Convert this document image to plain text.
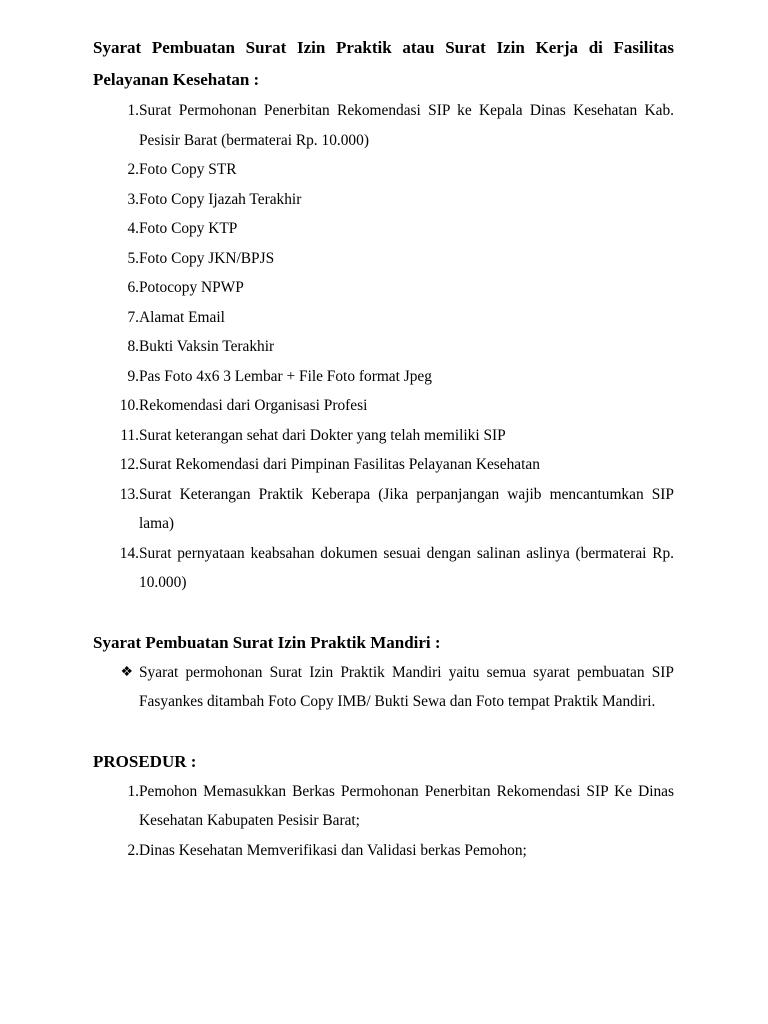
Syarat Pembuatan Surat Izin Praktik atau Surat Izin Kerja di Fasilitas Pelayanan Kesehatan :

1. Surat Permohonan Penerbitan Rekomendasi SIP ke Kepala Dinas Kesehatan Kab. Pesisir Barat (bermaterai Rp. 10.000)
2. Foto Copy STR
3. Foto Copy Ijazah Terakhir
4. Foto Copy KTP
5. Foto Copy JKN/BPJS
6. Potocopy NPWP
7. Alamat Email
8. Bukti Vaksin Terakhir
9. Pas Foto 4x6 3 Lembar + File Foto format Jpeg
10. Rekomendasi dari Organisasi Profesi
11. Surat keterangan sehat dari Dokter yang telah memiliki SIP
12. Surat Rekomendasi dari Pimpinan Fasilitas Pelayanan Kesehatan
13. Surat Keterangan Praktik Keberapa (Jika perpanjangan wajib mencantumkan SIP lama)
14. Surat pernyataan keabsahan dokumen sesuai dengan salinan aslinya (bermaterai Rp. 10.000)

Syarat Pembuatan Surat Izin Praktik Mandiri :

❖ Syarat permohonan Surat Izin Praktik Mandiri yaitu semua syarat pembuatan SIP Fasyankes ditambah Foto Copy IMB/ Bukti Sewa dan Foto tempat Praktik Mandiri.

PROSEDUR :

1. Pemohon Memasukkan Berkas Permohonan Penerbitan Rekomendasi SIP Ke Dinas Kesehatan Kabupaten Pesisir Barat;
2. Dinas Kesehatan Memverifikasi dan Validasi berkas Pemohon;
